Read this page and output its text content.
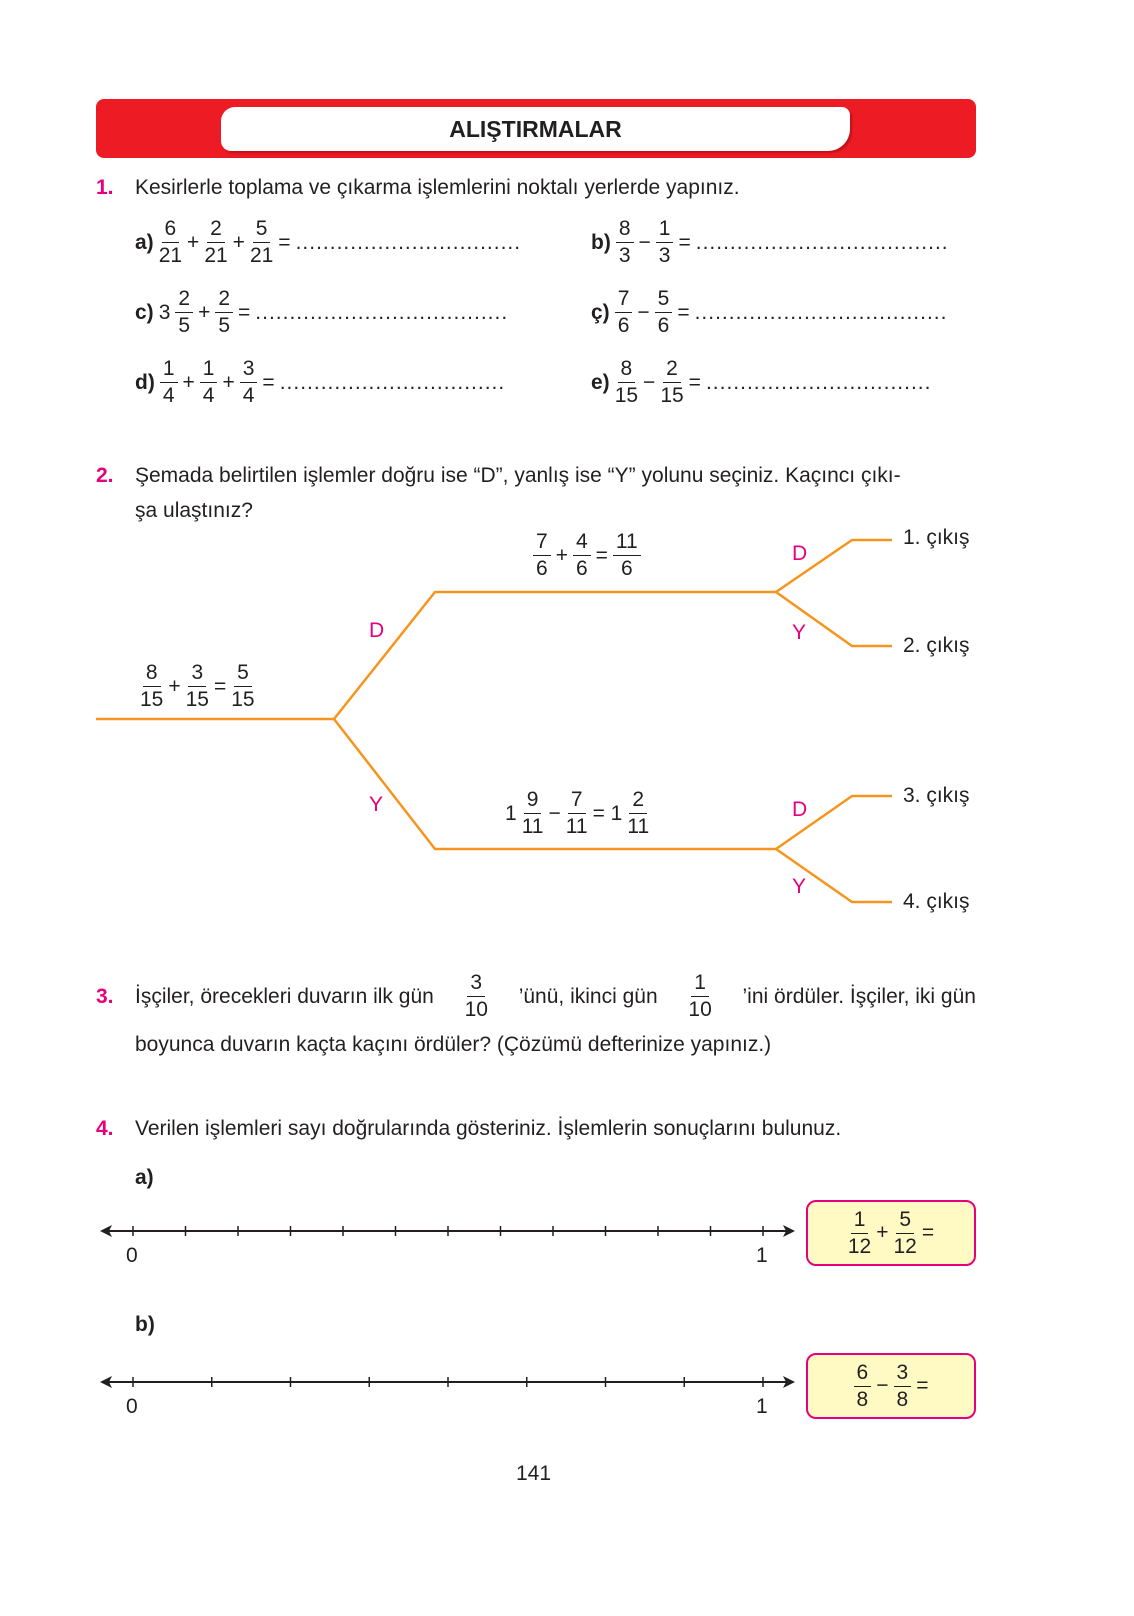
ALIŞTIRMALAR
1. Kesirlerle toplama ve çıkarma işlemlerini noktalı yerlerde yapınız.
$a) \frac{6}{21} + \frac{2}{21} + \frac{5}{21}$ = .................................	$b) \frac{8}{3} - \frac{1}{3}$ = .....................................
c) $3 \frac{2}{5} + \frac{2}{5}$ = .....................................	ç) $\frac{7}{6} - \frac{5}{6}$ = .....................................
$d) \frac{1}{4} + \frac{1}{4} + \frac{3}{4}$ = .................................	$e) \frac{8}{15} - \frac{2}{15}$ = .................................
2. Şemada belirtilen işlemler doğru ise “D”, yanlış ise “Y” yolunu seçiniz. Kaçıncı çıkı-
şa ulaştınız?
$\frac{8}{15} + \frac{3}{15} = \frac{5}{15}$
$\frac{7}{6} + \frac{4}{6} = \frac{11}{6}$
$1 \frac{9}{11} - \frac{7}{11} = 1 \frac{2}{11}$
D
Y
D
Y
D
Y
1. çıkış
2. çıkış
3. çıkış
4. çıkış
3. İşçiler, örecekleri duvarın ilk gün $\frac{3}{10}$ ’ünü, ikinci gün $\frac{1}{10}$ ’ini ördüler. İşçiler, iki gün
boyunca duvarın kaçta kaçını ördüler? (Çözümü defterinize yapınız.)
4. Verilen işlemleri sayı doğrularında gösteriniz. İşlemlerin sonuçlarını bulunuz.
a)
b)
0	1
0	1
$\frac{1}{12} + \frac{5}{12}$ =
$\frac{6}{8} - \frac{3}{8}$ =
141
